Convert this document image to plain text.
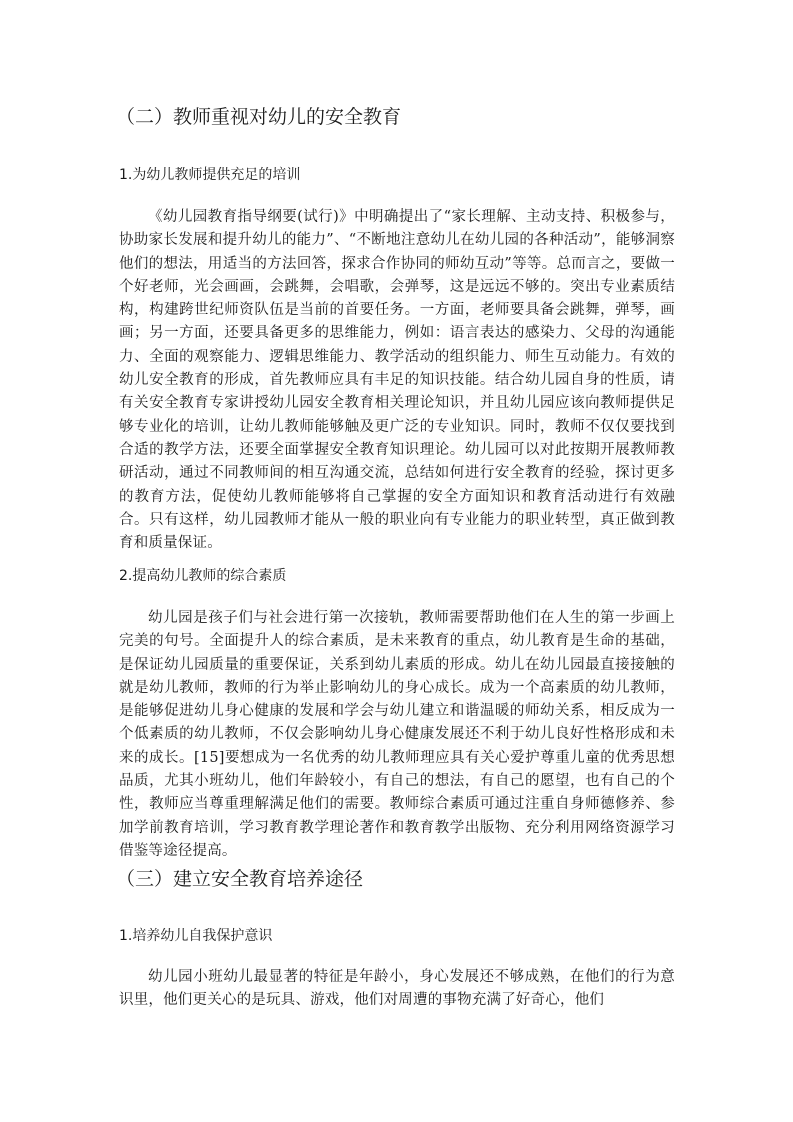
（二）教师重视对幼儿的安全教育
1.为幼儿教师提供充足的培训

《幼儿园教育指导纲要(试行)》中明确提出了“家长理解、主动支持、积极参与，协助家长发展和提升幼儿的能力”、“不断地注意幼儿在幼儿园的各种活动”，能够洞察他们的想法，用适当的方法回答，探求合作协同的师幼互动”等等。总而言之，要做一个好老师，光会画画，会跳舞，会唱歌，会弹琴，这是远远不够的。突出专业素质结构，构建跨世纪师资队伍是当前的首要任务。一方面，老师要具备会跳舞，弹琴，画画；另一方面，还要具备更多的思维能力，例如：语言表达的感染力、父母的沟通能力、全面的观察能力、逻辑思维能力、教学活动的组织能力、师生互动能力。有效的幼儿安全教育的形成，首先教师应具有丰足的知识技能。结合幼儿园自身的性质，请有关安全教育专家讲授幼儿园安全教育相关理论知识，并且幼儿园应该向教师提供足够专业化的培训，让幼儿教师能够触及更广泛的专业知识。同时，教师不仅仅要找到合适的教学方法，还要全面掌握安全教育知识理论。幼儿园可以对此按期开展教师教研活动，通过不同教师间的相互沟通交流，总结如何进行安全教育的经验，探讨更多的教育方法，促使幼儿教师能够将自己掌握的安全方面知识和教育活动进行有效融合。只有这样，幼儿园教师才能从一般的职业向有专业能力的职业转型，真正做到教育和质量保证。

2.提高幼儿教师的综合素质

幼儿园是孩子们与社会进行第一次接轨，教师需要帮助他们在人生的第一步画上完美的句号。全面提升人的综合素质，是未来教育的重点，幼儿教育是生命的基础，是保证幼儿园质量的重要保证，关系到幼儿素质的形成。幼儿在幼儿园最直接接触的就是幼儿教师，教师的行为举止影响幼儿的身心成长。成为一个高素质的幼儿教师，是能够促进幼儿身心健康的发展和学会与幼儿建立和谐温暖的师幼关系，相反成为一个低素质的幼儿教师，不仅会影响幼儿身心健康发展还不利于幼儿良好性格形成和未来的成长。[15]要想成为一名优秀的幼儿教师理应具有关心爱护尊重儿童的优秀思想品质，尤其小班幼儿，他们年龄较小，有自己的想法，有自己的愿望，也有自己的个性，教师应当尊重理解满足他们的需要。教师综合素质可通过注重自身师德修养、参加学前教育培训，学习教育教学理论著作和教育教学出版物、充分利用网络资源学习借鉴等途径提高。

（三）建立安全教育培养途径
1.培养幼儿自我保护意识

幼儿园小班幼儿最显著的特征是年龄小，身心发展还不够成熟，在他们的行为意识里，他们更关心的是玩具、游戏，他们对周遭的事物充满了好奇心，他们
